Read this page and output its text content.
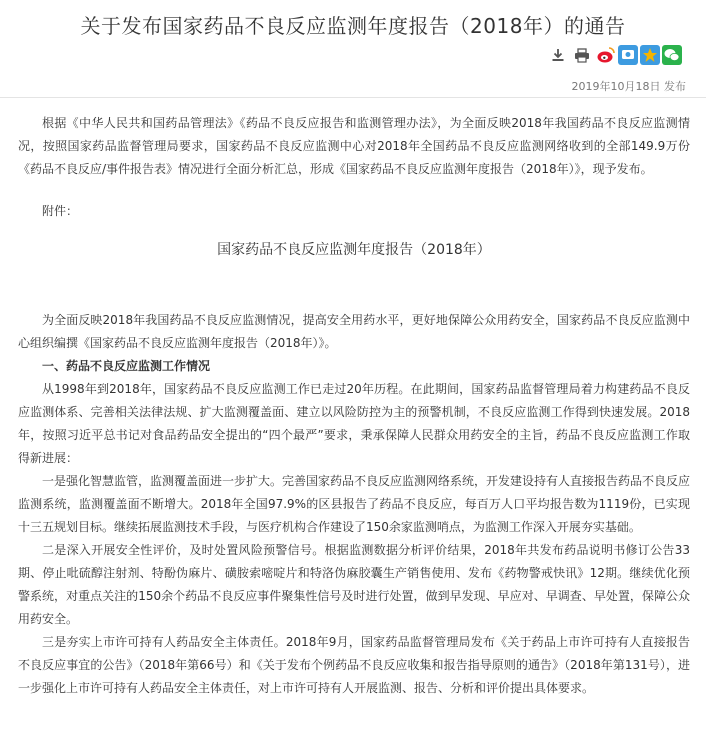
关于发布国家药品不良反应监测年度报告（2018年）的通告
2019年10月18日 发布

根据《中华人民共和国药品管理法》《药品不良反应报告和监测管理办法》，为全面反映2018年我国药品不良反应监测情况，按照国家药品监督管理局要求，国家药品不良反应监测中心对2018年全国药品不良反应监测网络收到的全部149.9万份《药品不良反应/事件报告表》情况进行全面分析汇总，形成《国家药品不良反应监测年度报告（2018年）》，现予发布。

附件：

国家药品不良反应监测年度报告（2018年）

为全面反映2018年我国药品不良反应监测情况，提高安全用药水平，更好地保障公众用药安全，国家药品不良反应监测中心组织编撰《国家药品不良反应监测年度报告（2018年）》。

一、药品不良反应监测工作情况

从1998年到2018年，国家药品不良反应监测工作已走过20年历程。在此期间，国家药品监督管理局着力构建药品不良反应监测体系、完善相关法律法规、扩大监测覆盖面、建立以风险防控为主的预警机制，不良反应监测工作得到快速发展。2018年，按照习近平总书记对食品药品安全提出的“四个最严”要求，秉承保障人民群众用药安全的主旨，药品不良反应监测工作取得新进展：

一是强化智慧监管，监测覆盖面进一步扩大。完善国家药品不良反应监测网络系统，开发建设持有人直接报告药品不良反应监测系统，监测覆盖面不断增大。2018年全国97.9%的区县报告了药品不良反应，每百万人口平均报告数为1119份，已实现十三五规划目标。继续拓展监测技术手段，与医疗机构合作建设了150余家监测哨点，为监测工作深入开展夯实基础。

二是深入开展安全性评价，及时处置风险预警信号。根据监测数据分析评价结果，2018年共发布药品说明书修订公告33期、停止吡硫醇注射剂、特酚伪麻片、磺胺索嘧啶片和特洛伪麻胶囊生产销售使用、发布《药物警戒快讯》12期。继续优化预警系统，对重点关注的150余个药品不良反应事件聚集性信号及时进行处置，做到早发现、早应对、早调查、早处置，保障公众用药安全。

三是夯实上市许可持有人药品安全主体责任。2018年9月，国家药品监督管理局发布《关于药品上市许可持有人直接报告不良反应事宜的公告》（2018年第66号）和《关于发布个例药品不良反应收集和报告指导原则的通告》（2018年第131号），进一步强化上市许可持有人药品安全主体责任，对上市许可持有人开展监测、报告、分析和评价提出具体要求。
